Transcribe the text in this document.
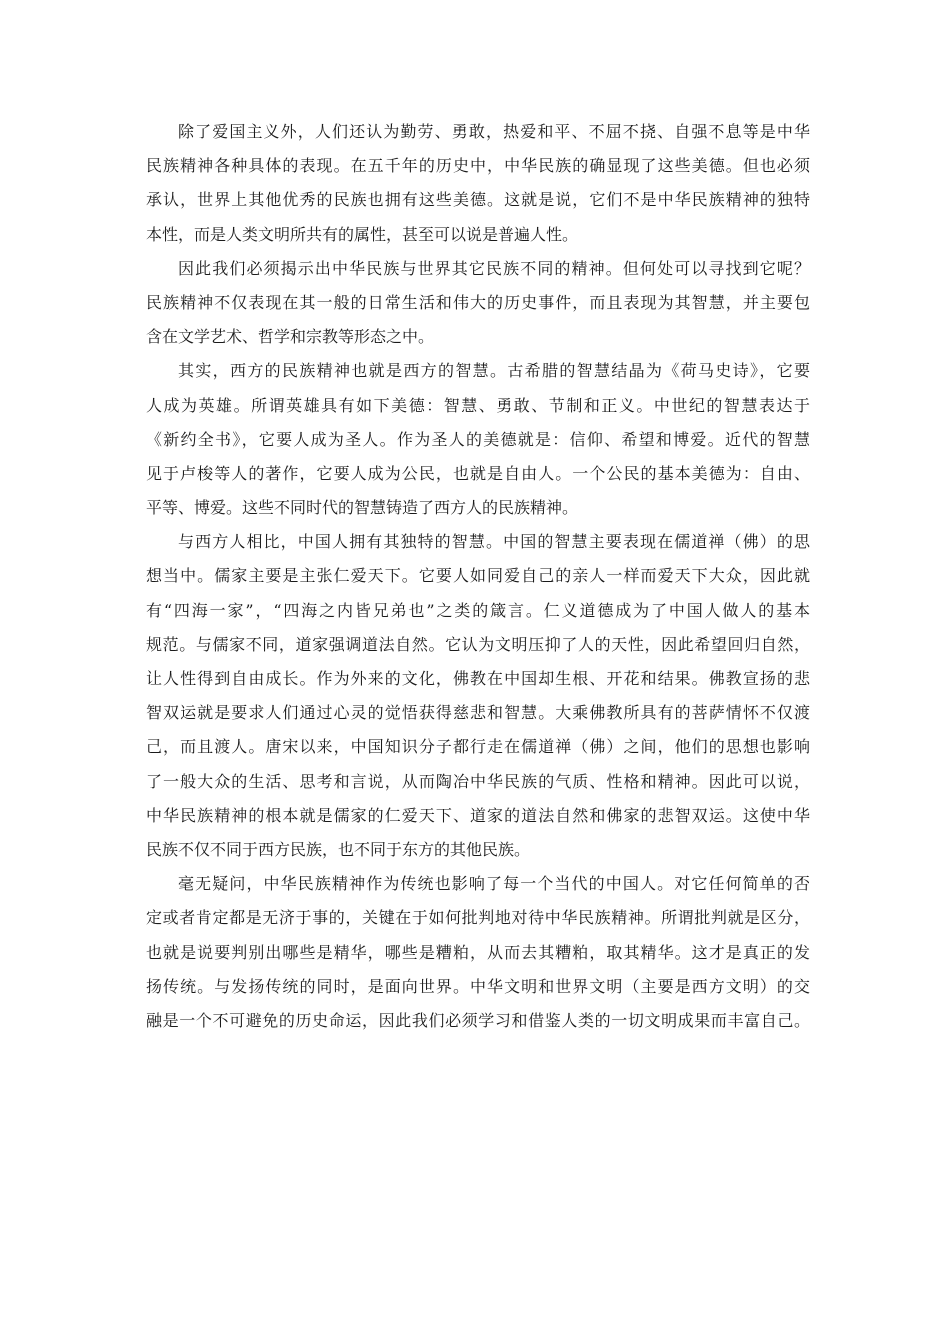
除了爱国主义外，人们还认为勤劳、勇敢，热爱和平、不屈不挠、自强不息等是中华
民族精神各种具体的表现。在五千年的历史中，中华民族的确显现了这些美德。但也必须
承认，世界上其他优秀的民族也拥有这些美德。这就是说，它们不是中华民族精神的独特
本性，而是人类文明所共有的属性，甚至可以说是普遍人性。
因此我们必须揭示出中华民族与世界其它民族不同的精神。但何处可以寻找到它呢？
民族精神不仅表现在其一般的日常生活和伟大的历史事件，而且表现为其智慧，并主要包
含在文学艺术、哲学和宗教等形态之中。
其实，西方的民族精神也就是西方的智慧。古希腊的智慧结晶为《荷马史诗》，它要
人成为英雄。所谓英雄具有如下美德：智慧、勇敢、节制和正义。中世纪的智慧表达于
《新约全书》，它要人成为圣人。作为圣人的美德就是：信仰、希望和博爱。近代的智慧
见于卢梭等人的著作，它要人成为公民，也就是自由人。一个公民的基本美德为：自由、
平等、博爱。这些不同时代的智慧铸造了西方人的民族精神。
与西方人相比，中国人拥有其独特的智慧。中国的智慧主要表现在儒道禅（佛）的思
想当中。儒家主要是主张仁爱天下。它要人如同爱自己的亲人一样而爱天下大众，因此就
有“四海一家”，“四海之内皆兄弟也”之类的箴言。仁义道德成为了中国人做人的基本
规范。与儒家不同，道家强调道法自然。它认为文明压抑了人的天性，因此希望回归自然，
让人性得到自由成长。作为外来的文化，佛教在中国却生根、开花和结果。佛教宣扬的悲
智双运就是要求人们通过心灵的觉悟获得慈悲和智慧。大乘佛教所具有的菩萨情怀不仅渡
己，而且渡人。唐宋以来，中国知识分子都行走在儒道禅（佛）之间，他们的思想也影响
了一般大众的生活、思考和言说，从而陶冶中华民族的气质、性格和精神。因此可以说，
中华民族精神的根本就是儒家的仁爱天下、道家的道法自然和佛家的悲智双运。这使中华
民族不仅不同于西方民族，也不同于东方的其他民族。
毫无疑问，中华民族精神作为传统也影响了每一个当代的中国人。对它任何简单的否
定或者肯定都是无济于事的，关键在于如何批判地对待中华民族精神。所谓批判就是区分，
也就是说要判别出哪些是精华，哪些是糟粕，从而去其糟粕，取其精华。这才是真正的发
扬传统。与发扬传统的同时，是面向世界。中华文明和世界文明（主要是西方文明）的交
融是一个不可避免的历史命运，因此我们必须学习和借鉴人类的一切文明成果而丰富自己。
